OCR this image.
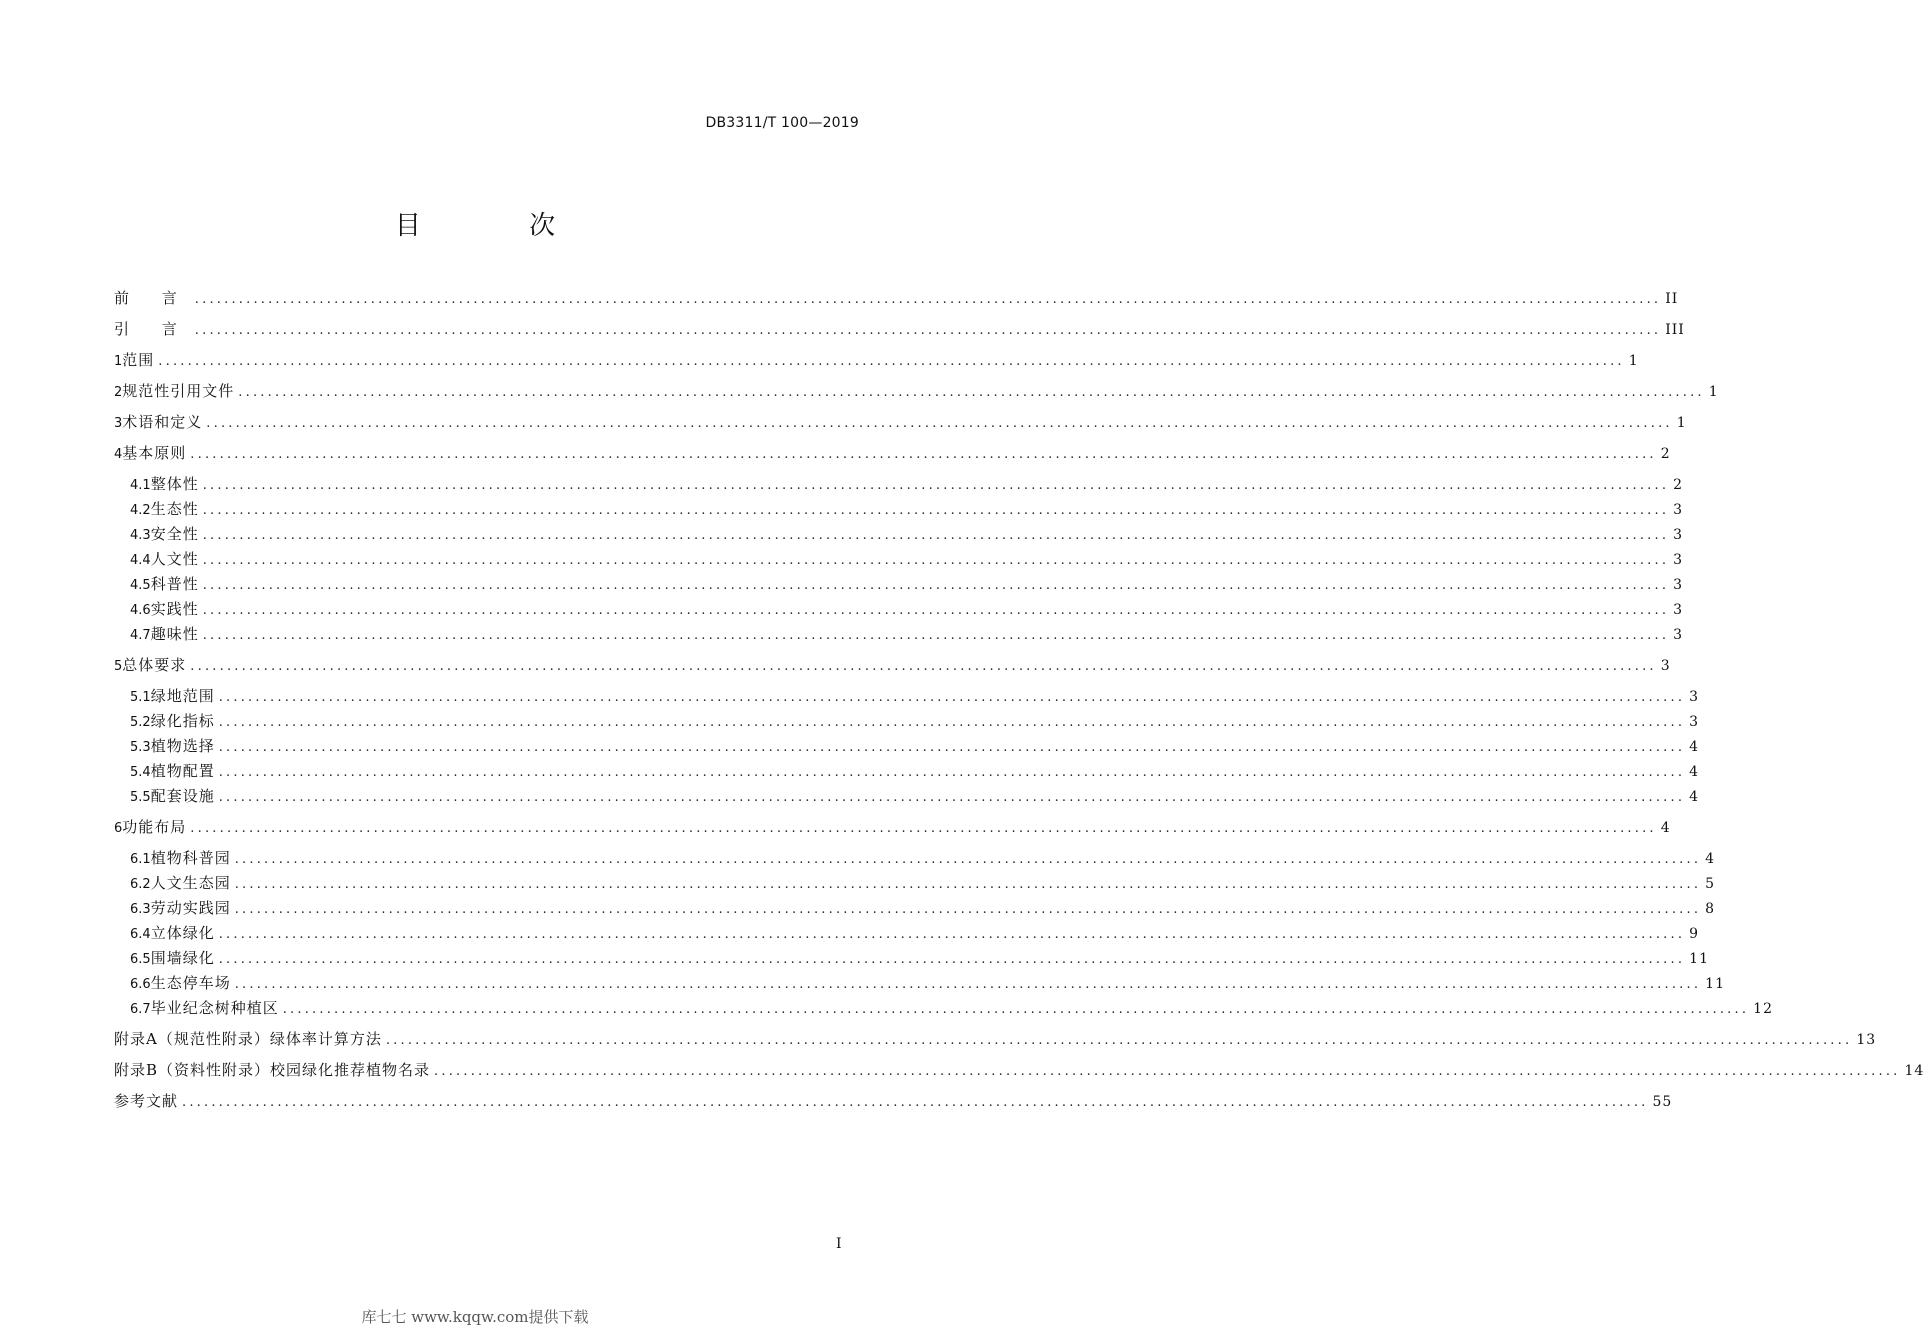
DB3311/T 100—2019
目 次
前 言 ........................................................................................................................................................................................................ II
引 言 ........................................................................................................................................................................................................ III
1 范围 ........................................................................................................................................................................................................ 1
2 规范性引用文件 ........................................................................................................................................................................................................ 1
3 术语和定义 ........................................................................................................................................................................................................ 1
4 基本原则 ........................................................................................................................................................................................................ 2
4.1 整体性 ........................................................................................................................................................................................................ 2
4.2 生态性 ........................................................................................................................................................................................................ 3
4.3 安全性 ........................................................................................................................................................................................................ 3
4.4 人文性 ........................................................................................................................................................................................................ 3
4.5 科普性 ........................................................................................................................................................................................................ 3
4.6 实践性 ........................................................................................................................................................................................................ 3
4.7 趣味性 ........................................................................................................................................................................................................ 3
5 总体要求 ........................................................................................................................................................................................................ 3
5.1 绿地范围 ........................................................................................................................................................................................................ 3
5.2 绿化指标 ........................................................................................................................................................................................................ 3
5.3 植物选择 ........................................................................................................................................................................................................ 4
5.4 植物配置 ........................................................................................................................................................................................................ 4
5.5 配套设施 ........................................................................................................................................................................................................ 4
6 功能布局 ........................................................................................................................................................................................................ 4
6.1 植物科普园 ........................................................................................................................................................................................................ 4
6.2 人文生态园 ........................................................................................................................................................................................................ 5
6.3 劳动实践园 ........................................................................................................................................................................................................ 8
6.4 立体绿化 ........................................................................................................................................................................................................ 9
6.5 围墙绿化 ........................................................................................................................................................................................................ 11
6.6 生态停车场 ........................................................................................................................................................................................................ 11
6.7 毕业纪念树种植区 ........................................................................................................................................................................................................ 12
附录A（规范性附录）绿体率计算方法 ........................................................................................................................................................................................................ 13
附录B（资料性附录）校园绿化推荐植物名录 ........................................................................................................................................................................................................ 14
参考文献 ........................................................................................................................................................................................................ 55
I
库七七 www.kqqw.com提供下载
